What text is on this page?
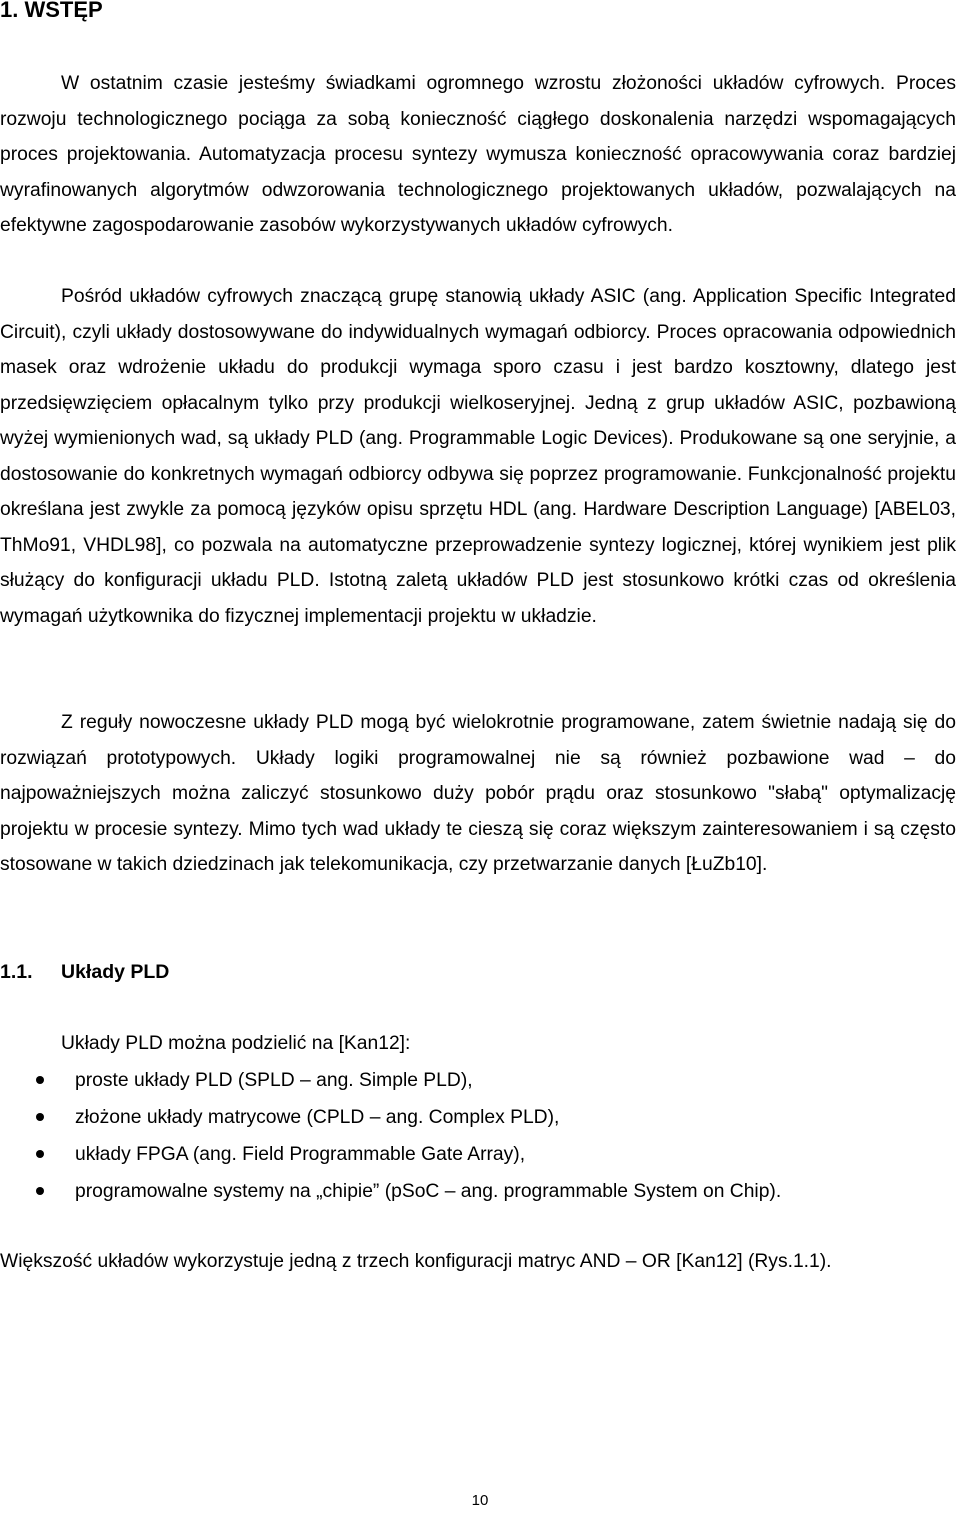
1. WSTĘP

W ostatnim czasie jesteśmy świadkami ogromnego wzrostu złożoności układów cyfrowych. Proces rozwoju technologicznego pociąga za sobą konieczność ciągłego doskonalenia narzędzi wspomagających proces projektowania. Automatyzacja procesu syntezy wymusza konieczność opracowywania coraz bardziej wyrafinowanych algorytmów odwzorowania technologicznego projektowanych układów, pozwalających na efektywne zagospodarowanie zasobów wykorzystywanych układów cyfrowych.

Pośród układów cyfrowych znaczącą grupę stanowią układy ASIC (ang. Application Specific Integrated Circuit), czyli układy dostosowywane do indywidualnych wymagań odbiorcy. Proces opracowania odpowiednich masek oraz wdrożenie układu do produkcji wymaga sporo czasu i jest bardzo kosztowny, dlatego jest przedsięwzięciem opłacalnym tylko przy produkcji wielkoseryjnej. Jedną z grup układów ASIC, pozbawioną wyżej wymienionych wad, są układy PLD (ang. Programmable Logic Devices). Produkowane są one seryjnie, a dostosowanie do konkretnych wymagań odbiorcy odbywa się poprzez programowanie. Funkcjonalność projektu określana jest zwykle za pomocą języków opisu sprzętu HDL (ang. Hardware Description Language) [ABEL03, ThMo91, VHDL98], co pozwala na automatyczne przeprowadzenie syntezy logicznej, której wynikiem jest plik służący do konfiguracji układu PLD. Istotną zaletą układów PLD jest stosunkowo krótki czas od określenia wymagań użytkownika do fizycznej implementacji projektu w układzie.

Z reguły nowoczesne układy PLD mogą być wielokrotnie programowane, zatem świetnie nadają się do rozwiązań prototypowych. Układy logiki programowalnej nie są również pozbawione wad – do najpoważniejszych można zaliczyć stosunkowo duży pobór prądu oraz stosunkowo "słabą" optymalizację projektu w procesie syntezy. Mimo tych wad układy te cieszą się coraz większym zainteresowaniem i są często stosowane w takich dziedzinach jak telekomunikacja, czy przetwarzanie danych [ŁuZb10].

1.1. Układy PLD

Układy PLD można podzielić na [Kan12]:

proste układy PLD (SPLD – ang. Simple PLD),
złożone układy matrycowe (CPLD – ang. Complex PLD),
układy FPGA (ang. Field Programmable Gate Array),
programowalne systemy na „chipie” (pSoC – ang. programmable System on Chip).

Większość układów wykorzystuje jedną z trzech konfiguracji matryc AND – OR [Kan12] (Rys.1.1).

10
